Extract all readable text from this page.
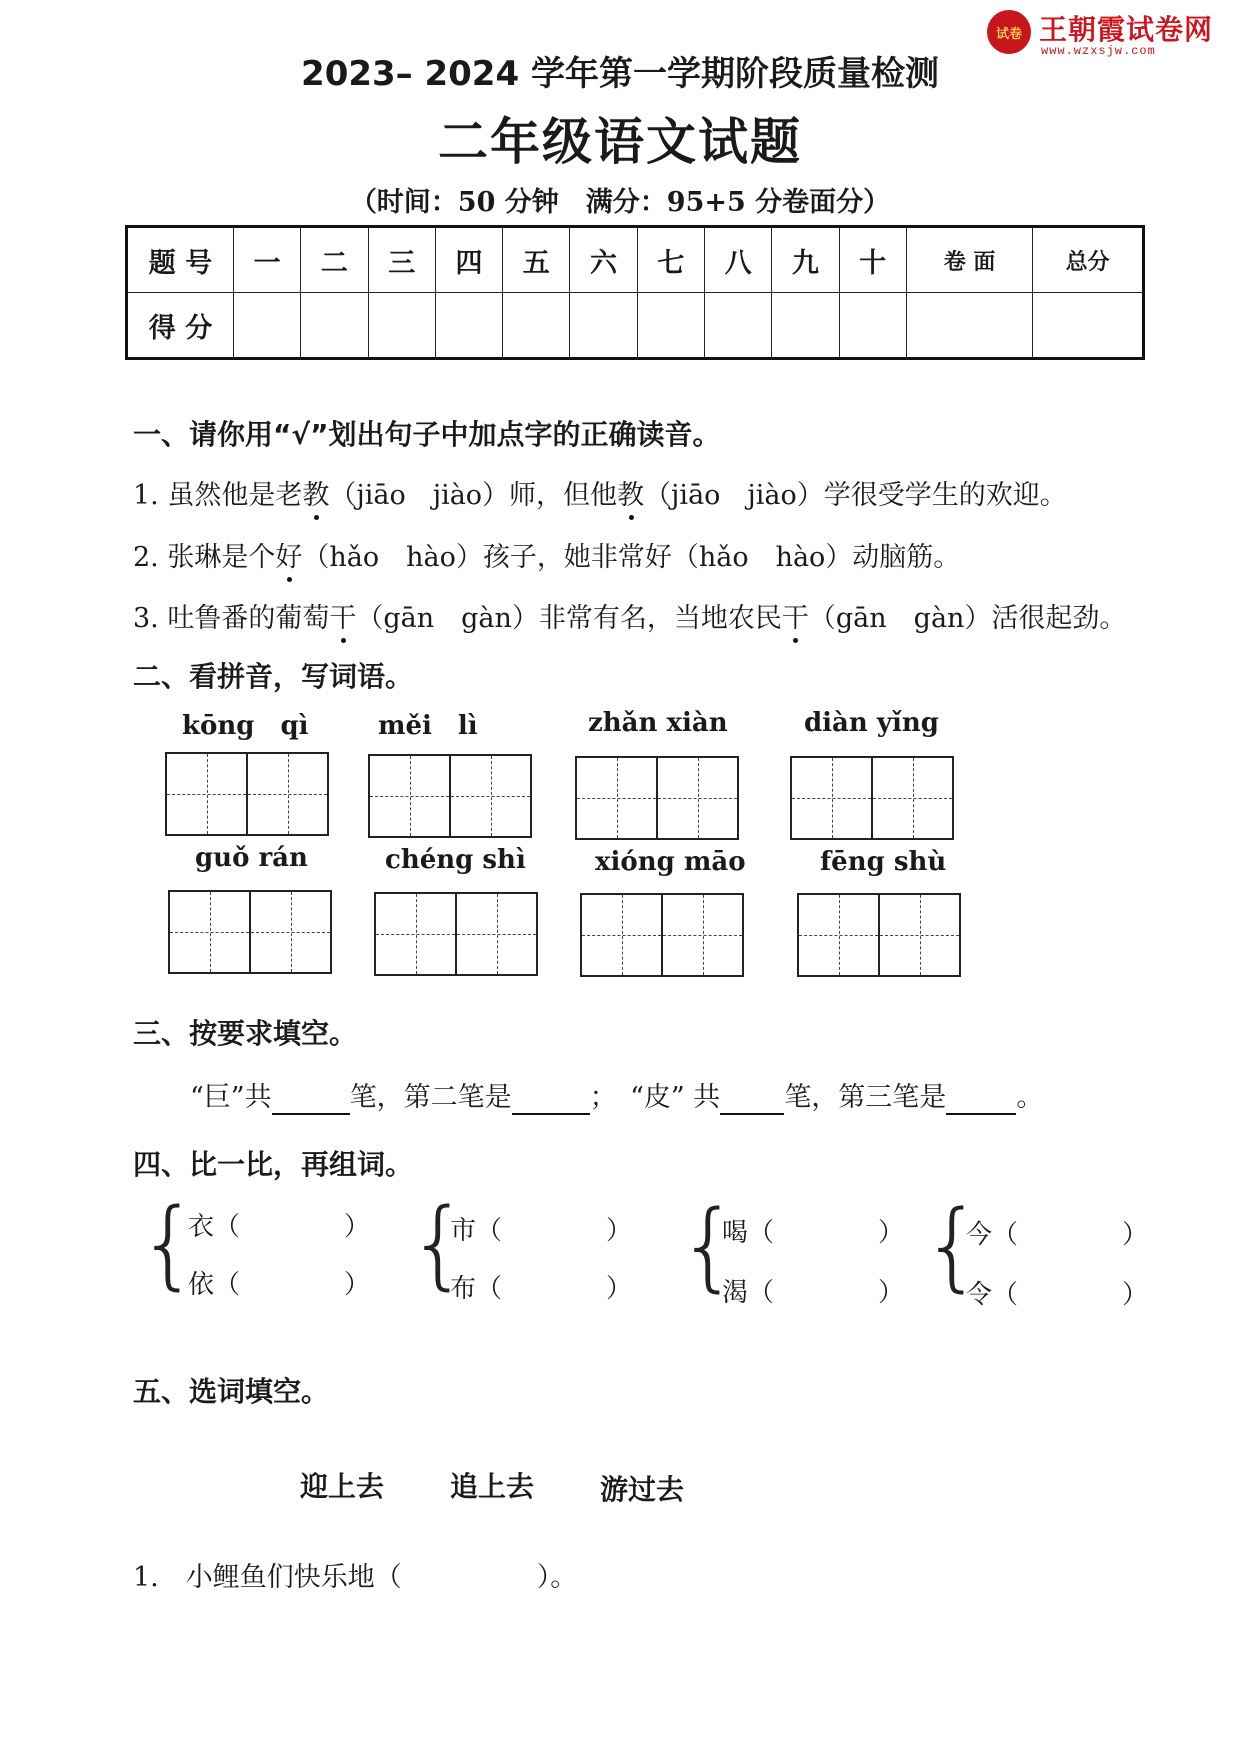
试卷 王朝霞试卷网
www.wzxsjw.com
2023– 2024 学年第一学期阶段质量检测
二年级语文试题
（时间：50 分钟　满分：95+5 分卷面分）
题 号	一	二	三	四	五	六	七	八	九	十	卷 面	总分
得 分												
一、请你用“√”划出句子中加点字的正确读音。
1. 虽然他是老教（jiāo　jiào）师，但他教（jiāo　jiào）学很受学生的欢迎。
2. 张琳是个好（hǎo　hào）孩子，她非常好（hǎo　hào）动脑筋。
3. 吐鲁番的葡萄干（gān　gàn）非常有名，当地农民干（gān　gàn）活很起劲。
二、看拼音，写词语。
kōng　qì	měi　lì	zhǎn xiàn	diàn yǐng
guǒ rán	chéng shì	xióng māo	fēng shù
三、按要求填空。
“巨”共	笔，第二笔是	；　“皮” 共 笔，第三笔是	。
四、比一比，再组词。
{
衣（　　　　）
依（　　　　） {
市（　　　　）
布（　　　　） {
喝（　　　　）
渴（　　　　） {
今（　　　　）
令（　　　　）
五、选词填空。
迎上去 追上去 游过去
1.　小鲤鱼们快乐地（　　　　　）。
